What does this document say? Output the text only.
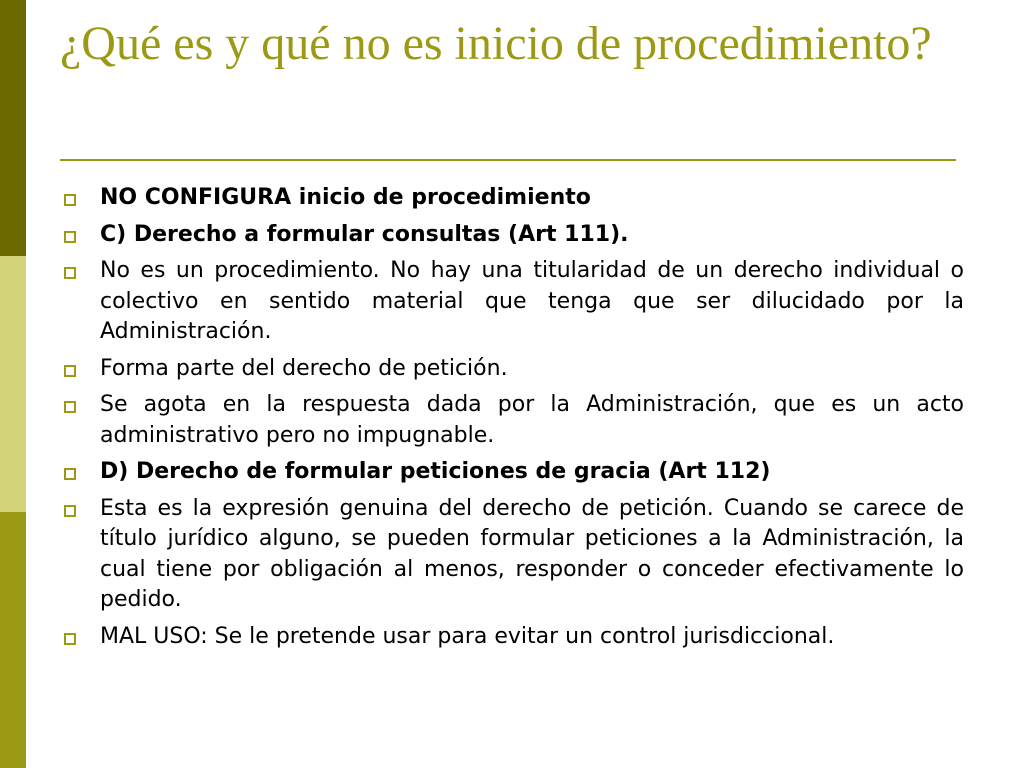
¿Qué es y qué no es inicio de procedimiento?
NO CONFIGURA inicio de procedimiento
C) Derecho a formular consultas (Art 111).
No es un procedimiento. No hay una titularidad de un derecho individual o colectivo en sentido material que tenga que ser dilucidado por la Administración.
Forma parte del derecho de petición.
Se agota en la respuesta dada por la Administración, que es un acto administrativo pero no impugnable.
D) Derecho de formular peticiones de gracia (Art 112)
Esta es la expresión genuina del derecho de petición. Cuando se carece de título jurídico alguno, se pueden formular peticiones a la Administración, la cual tiene por obligación al menos, responder o conceder efectivamente lo pedido.
MAL USO: Se le pretende usar para evitar un control jurisdiccional.
